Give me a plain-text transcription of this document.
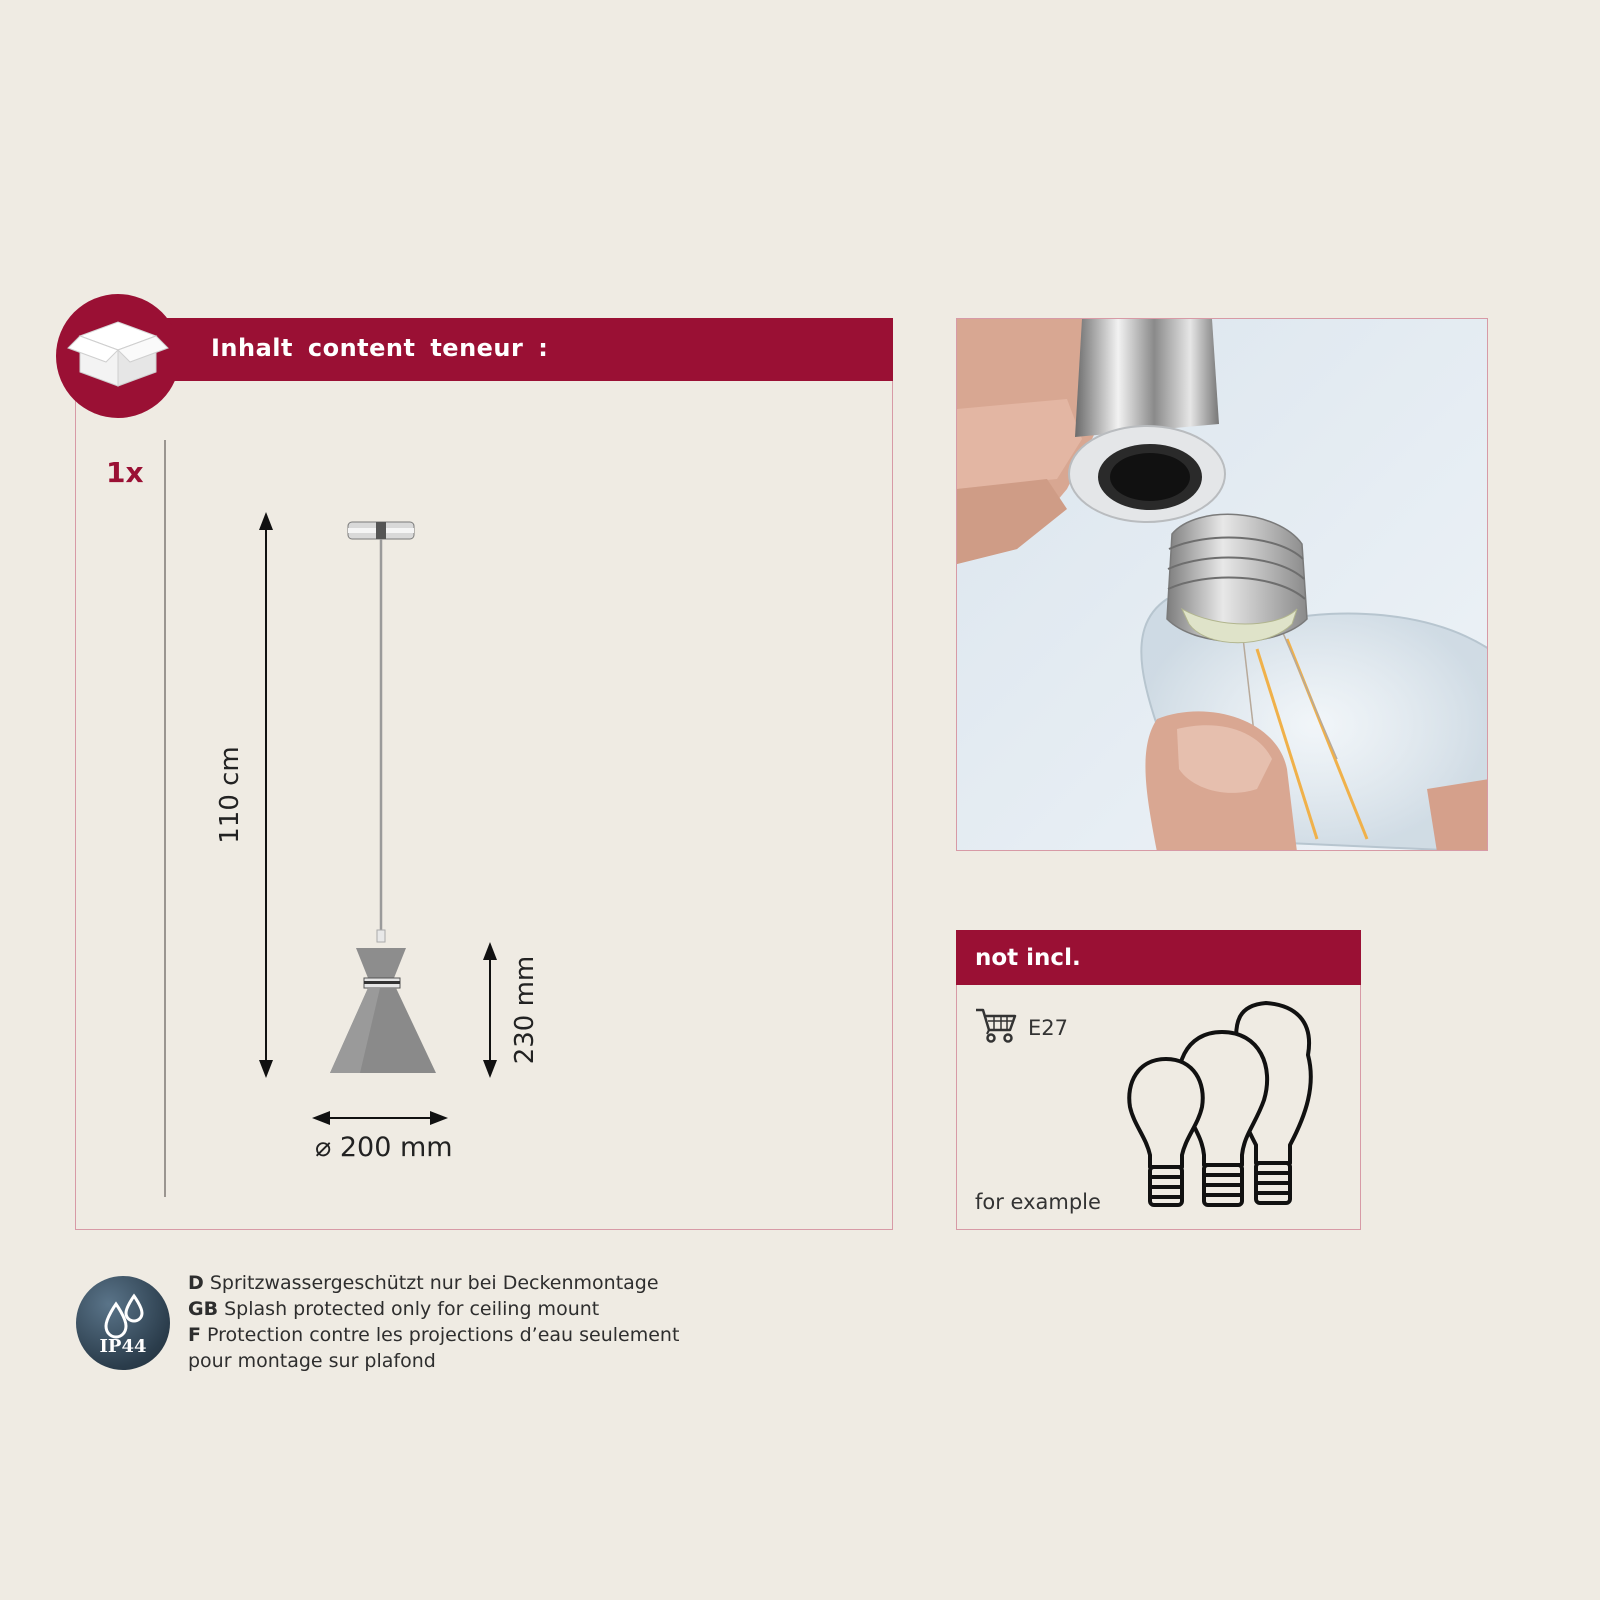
Inhalt content teneur :
1x
110 cm
230 mm
⌀ 200 mm
not incl.
E27
for example
IP44
D Spritzwassergeschützt nur bei Deckenmontage
GB Splash protected only for ceiling mount
F Protection contre les projections d’eau seulement
pour montage sur plafond
